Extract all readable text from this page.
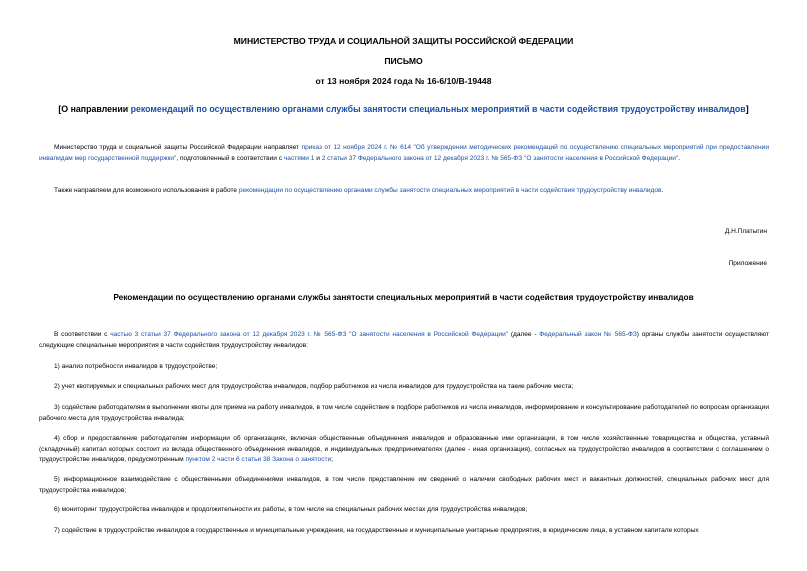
МИНИСТЕРСТВО ТРУДА И СОЦИАЛЬНОЙ ЗАЩИТЫ РОССИЙСКОЙ ФЕДЕРАЦИИ
ПИСЬМО
от 13 ноября 2024 года № 16-6/10/В-19448
[О направлении рекомендаций по осуществлению органами службы занятости специальных мероприятий в части содействия трудоустройству инвалидов]

Министерство труда и социальной защиты Российской Федерации направляет приказ от 12 ноября 2024 г. № 614 "Об утверждении методических рекомендаций по осуществлению специальных мероприятий при предоставлении инвалидам мер государственной поддержки", подготовленный в соответствии с частями 1 и 2 статьи 37 Федерального закона от 12 декабря 2023 г. № 565-ФЗ "О занятости населения в Российской Федерации".

Также направляем для возможного использования в работе рекомендации по осуществлению органами службы занятости специальных мероприятий в части содействия трудоустройству инвалидов.

Д.Н.Платыгин
Приложение
Рекомендации по осуществлению органами службы занятости специальных мероприятий в части содействия трудоустройству инвалидов

В соответствии с частью 3 статьи 37 Федерального закона от 12 декабря 2023 г. № 565-ФЗ "О занятости населения в Российской Федерации" (далее - Федеральный закон № 565-ФЗ) органы службы занятости осуществляют следующие специальные мероприятия в части содействия трудоустройству инвалидов:

1) анализ потребности инвалидов в трудоустройстве;

2) учет квотируемых и специальных рабочих мест для трудоустройства инвалидов, подбор работников из числа инвалидов для трудоустройства на такие рабочие места;

3) содействие работодателям в выполнении квоты для приема на работу инвалидов, в том числе содействие в подборе работников из числа инвалидов, информирование и консультирование работодателей по вопросам организации рабочего места для трудоустройства инвалида;

4) сбор и предоставление работодателям информации об организациях, включая общественные объединения инвалидов и образованные ими организации, в том числе хозяйственные товарищества и общества, уставный (складочный) капитал которых состоит из вклада общественного объединения инвалидов, и индивидуальных предпринимателях (далее - иная организация), согласных на трудоустройство инвалидов в соответствии с соглашением о трудоустройстве инвалидов, предусмотренным пунктом 2 части 6 статьи 38 Закона о занятости;

5) информационное взаимодействие с общественными объединениями инвалидов, в том числе представление им сведений о наличии свободных рабочих мест и вакантных должностей, специальных рабочих мест для трудоустройства инвалидов;

6) мониторинг трудоустройства инвалидов и продолжительности их работы, в том числе на специальных рабочих местах для трудоустройства инвалидов;

7) содействие в трудоустройстве инвалидов в государственные и муниципальные учреждения, на государственные и муниципальные унитарные предприятия, в юридические лица, в уставном капитале которых
